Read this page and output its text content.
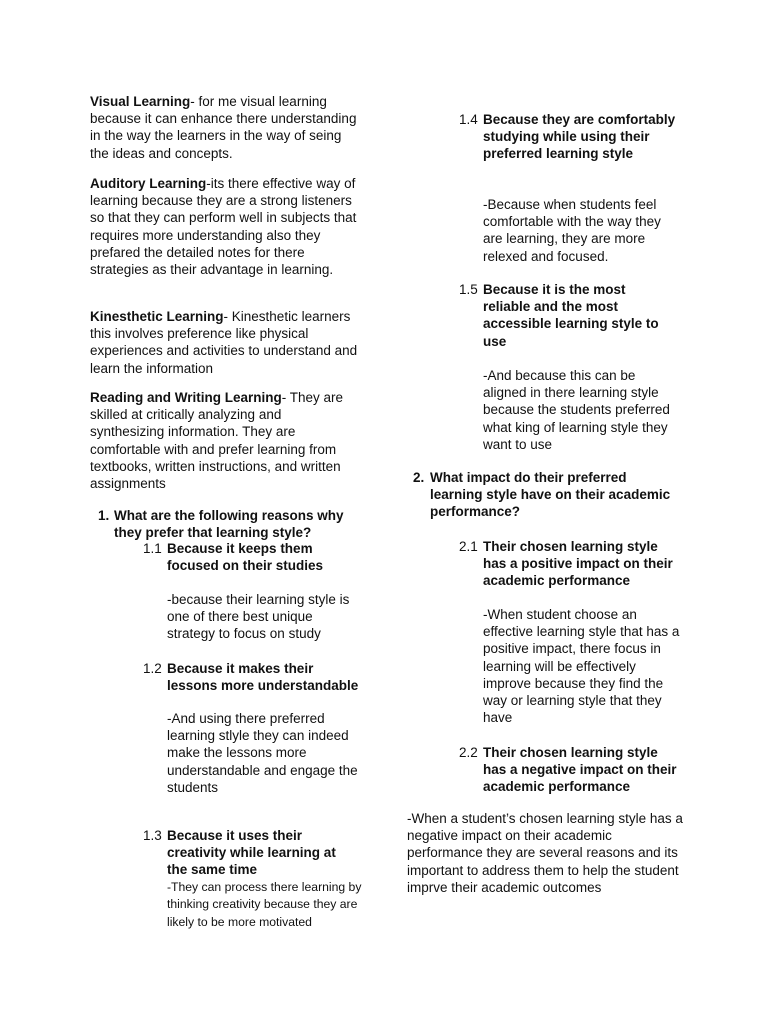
Visual Learning- for me visual learning because it can enhance there understanding in the way the learners in the way of seing the ideas and concepts.

Auditory Learning-its there effective way of learning because they are a strong listeners so that they can perform well in subjects that requires more understanding also they prefared the detailed notes for there strategies as their advantage in learning.

Kinesthetic Learning- Kinesthetic learners this involves preference like physical experiences and activities to understand and learn the information

Reading and Writing Learning- They are skilled at critically analyzing and synthesizing information. They are comfortable with and prefer learning from textbooks, written instructions, and written assignments

1. What are the following reasons why they prefer that learning style?

1.1 Because it keeps them focused on their studies

-because their learning style is one of there best unique strategy to focus on study

1.2 Because it makes their lessons more understandable

-And using there preferred learning stlyle they can indeed make the lessons more understandable and engage the students

1.3 Because it uses their creativity while learning at the same time

-They can process there learning by thinking creativity because they are likely to be more motivated

1.4 Because they are comfortably studying while using their preferred learning style

-Because when students feel comfortable with the way they are learning, they are more relexed and focused.

1.5 Because it is the most reliable and the most accessible learning style to use

-And because this can be aligned in there learning style because the students preferred what king of learning style they want to use

2. What impact do their preferred learning style have on their academic performance?

2.1 Their chosen learning style has a positive impact on their academic performance

-When student choose an effective learning style that has a positive impact, there focus in learning will be effectively improve because they find the way or learning style that they have

2.2 Their chosen learning style has a negative impact on their academic performance

-When a student’s chosen learning style has a negative impact on their academic performance they are several reasons and its important to address them to help the student imprve their academic outcomes
